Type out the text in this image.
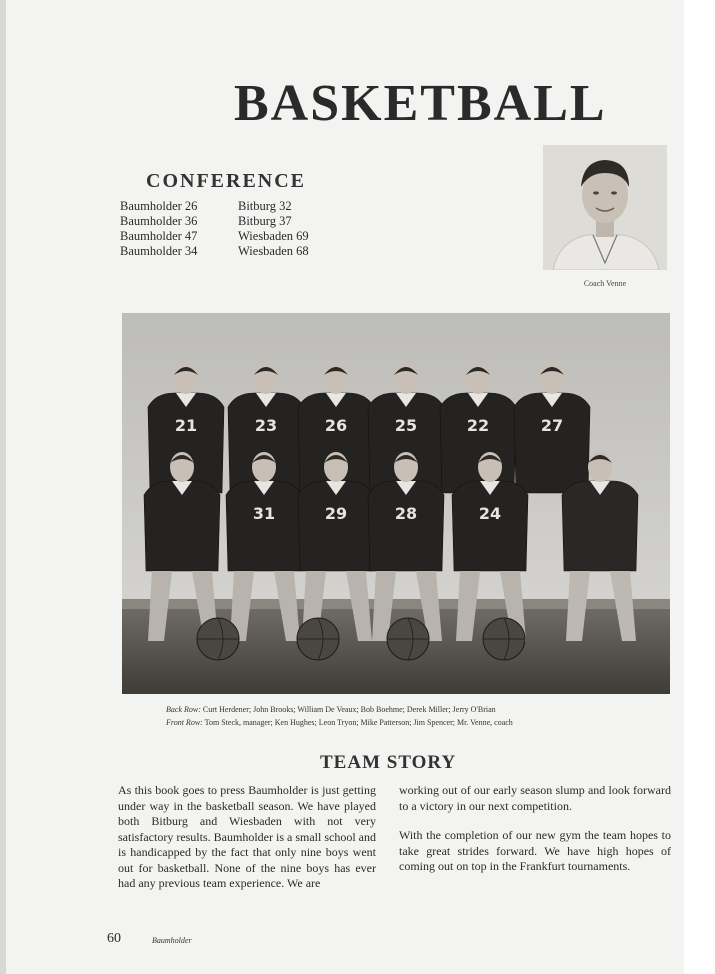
BASKETBALL
CONFERENCE
Baumholder 26	Bitburg 32
Baumholder 36	Bitburg 37
Baumholder 47	Wiesbaden 69
Baumholder 34	Wiesbaden 68
Coach Venne
21	23	26	25	22	27
31	29	28	24
Back Row: Curt Herdener; John Brooks; William De Veaux; Bob Boehme; Derek Miller; Jerry O'Brian
Front Row: Tom Steck, manager; Ken Hughes; Leon Tryon; Mike Patterson; Jim Spencer; Mr. Venne, coach
TEAM STORY

As this book goes to press Baumholder is just getting under way in the basketball season. We have played both Bitburg and Wiesbaden with not very satisfactory results. Baumholder is a small school and is handicapped by the fact that only nine boys went out for basketball. None of the nine boys has ever had any previous team experience. We are

working out of our early season slump and look forward to a victory in our next competition.

With the completion of our new gym the team hopes to take great strides forward. We have high hopes of coming out on top in the Frankfurt tournaments.

60	Baumholder
